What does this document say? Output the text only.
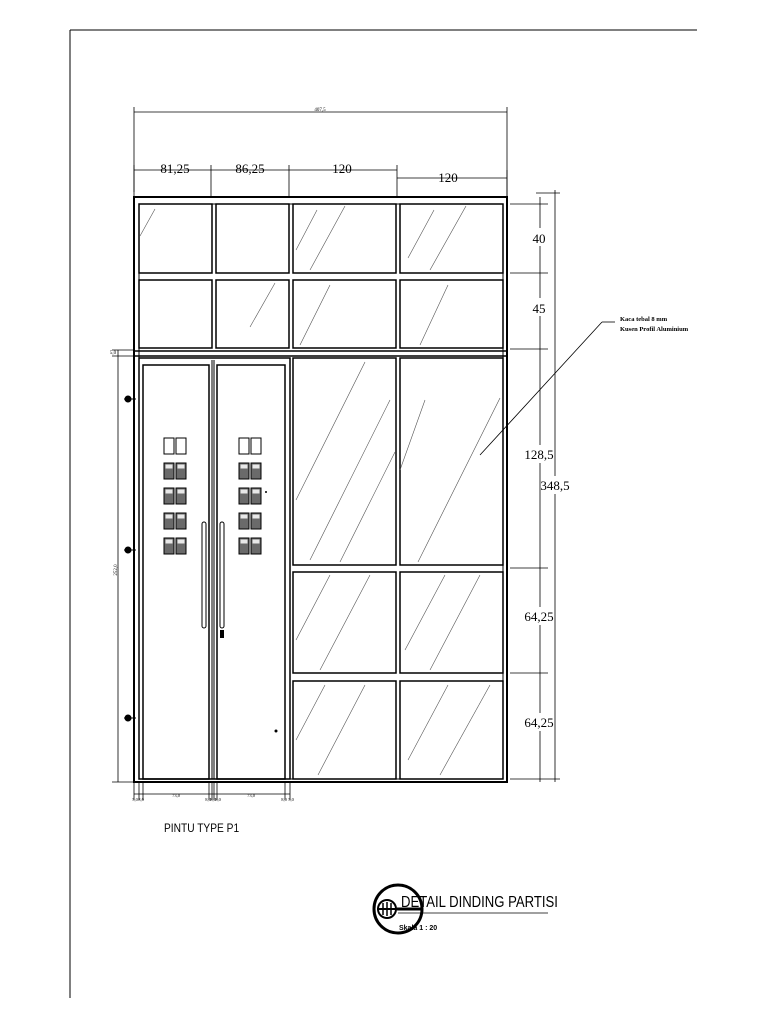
407,5
81,25	86,25	120
120
40
45
128,5
64,25
64,25
348,5
5,0
252,0
5,0 8,0
73,0
8,0 8,0 8,0
73,0
8,0 5,0
Kaca tebal 8 mm
Kusen Profil Aluminium
PINTU TYPE P1
DETAIL DINDING PARTISI
Skala 1 : 20
